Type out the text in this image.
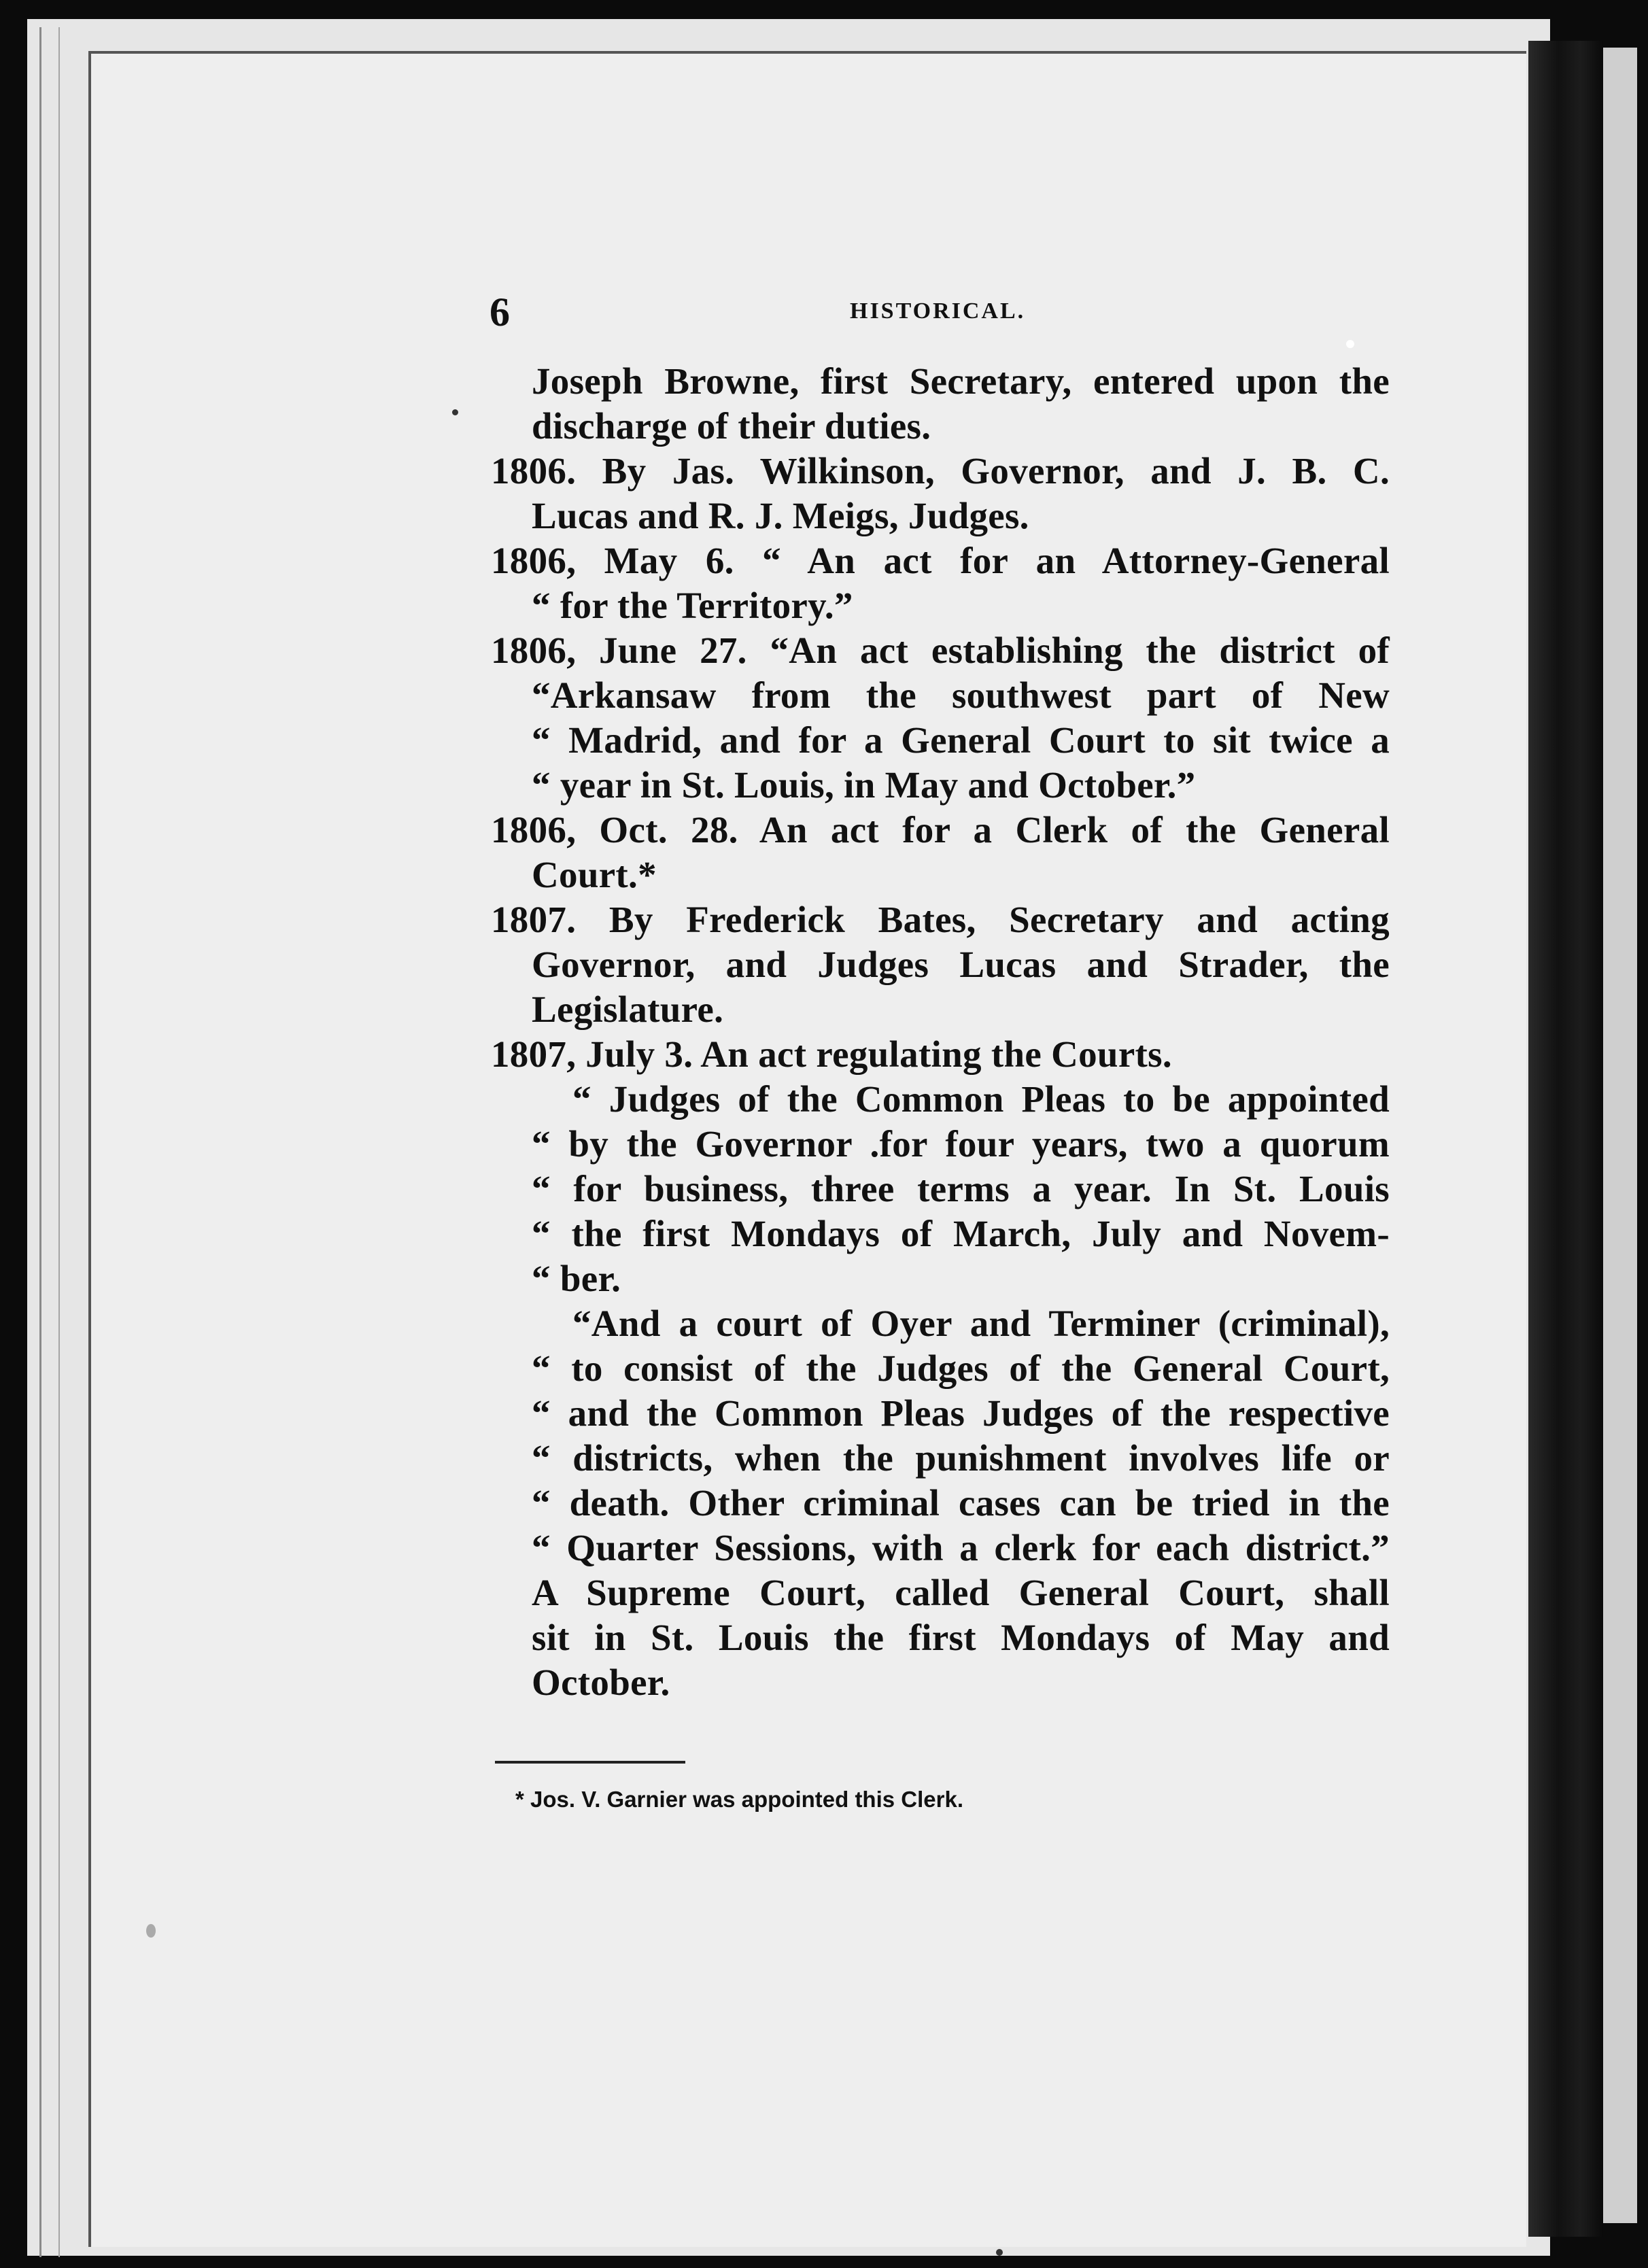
6	HISTORICAL.
Joseph Browne, first Secretary, entered upon the
discharge of their duties.
1806. By Jas. Wilkinson, Governor, and J. B. C.
Lucas and R. J. Meigs, Judges.
1806, May 6. “ An act for an Attorney-General
“ for the Territory.”
1806, June 27. “An act establishing the district of
“Arkansaw from the southwest part of New
“ Madrid, and for a General Court to sit twice a
“ year in St. Louis, in May and October.”
1806, Oct. 28. An act for a Clerk of the General
Court.*
1807. By Frederick Bates, Secretary and acting
Governor, and Judges Lucas and Strader, the
Legislature.
1807, July 3. An act regulating the Courts.
“ Judges of the Common Pleas to be appointed
“ by the Governor .for four years, two a quorum
“ for business, three terms a year. In St. Louis
“ the first Mondays of March, July and Novem-
“ ber.
“And a court of Oyer and Terminer (criminal),
“ to consist of the Judges of the General Court,
“ and the Common Pleas Judges of the respective
“ districts, when the punishment involves life or
“ death. Other criminal cases can be tried in the
“ Quarter Sessions, with a clerk for each district.”
A Supreme Court, called General Court, shall
sit in St. Louis the first Mondays of May and
October.
* Jos. V. Garnier was appointed this Clerk.
